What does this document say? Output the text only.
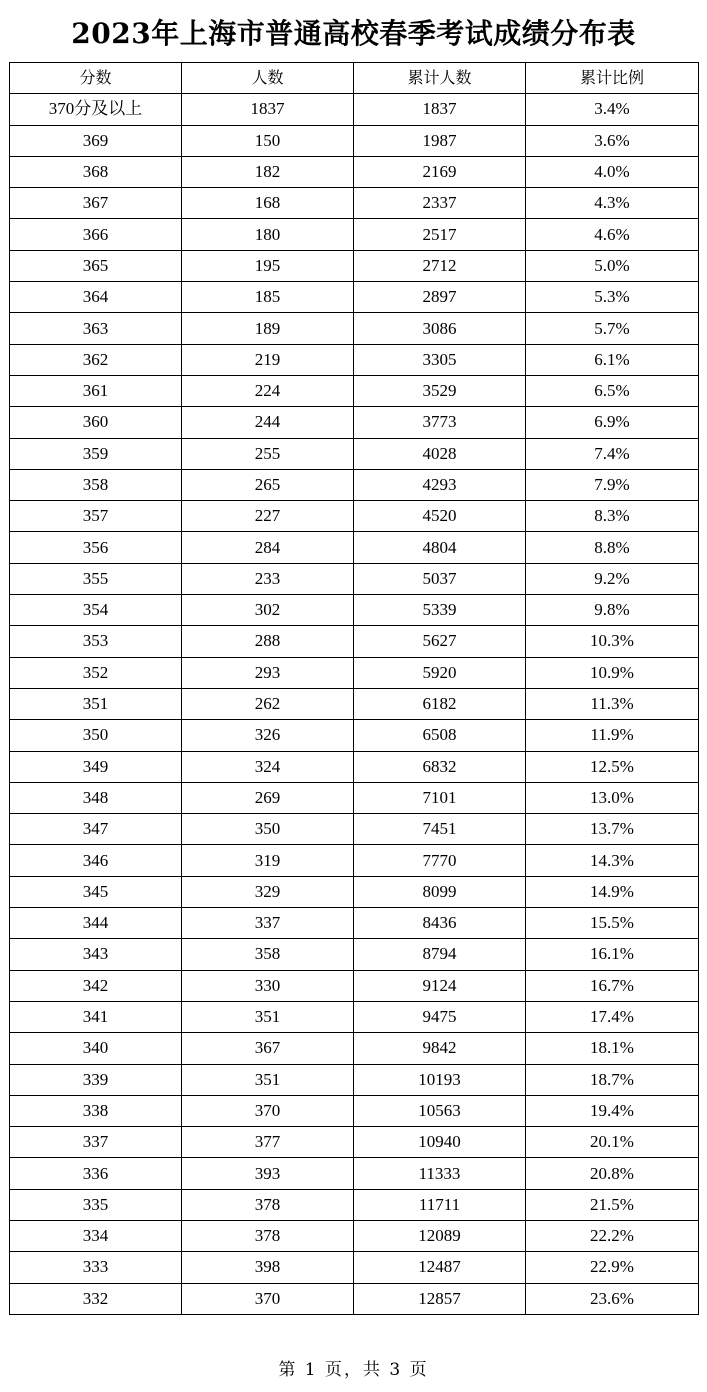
2023年上海市普通高校春季考试成绩分布表
分数	人数	累计人数	累计比例
370分及以上	1837	1837	3.4%
369	150	1987	3.6%
368	182	2169	4.0%
367	168	2337	4.3%
366	180	2517	4.6%
365	195	2712	5.0%
364	185	2897	5.3%
363	189	3086	5.7%
362	219	3305	6.1%
361	224	3529	6.5%
360	244	3773	6.9%
359	255	4028	7.4%
358	265	4293	7.9%
357	227	4520	8.3%
356	284	4804	8.8%
355	233	5037	9.2%
354	302	5339	9.8%
353	288	5627	10.3%
352	293	5920	10.9%
351	262	6182	11.3%
350	326	6508	11.9%
349	324	6832	12.5%
348	269	7101	13.0%
347	350	7451	13.7%
346	319	7770	14.3%
345	329	8099	14.9%
344	337	8436	15.5%
343	358	8794	16.1%
342	330	9124	16.7%
341	351	9475	17.4%
340	367	9842	18.1%
339	351	10193	18.7%
338	370	10563	19.4%
337	377	10940	20.1%
336	393	11333	20.8%
335	378	11711	21.5%
334	378	12089	22.2%
333	398	12487	22.9%
332	370	12857	23.6%
第 1 页，共 3 页
